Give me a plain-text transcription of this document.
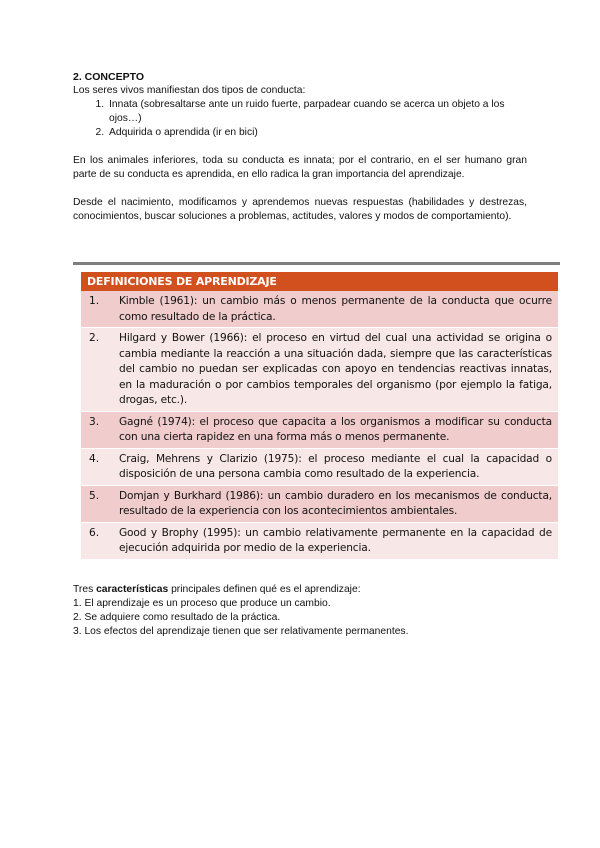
2. CONCEPTO

Los seres vivos manifiestan dos tipos de conducta:

1. Innata (sobresaltarse ante un ruido fuerte, parpadear cuando se acerca un objeto a los ojos…)
2. Adquirida o aprendida (ir en bici)

En los animales inferiores, toda su conducta es innata; por el contrario, en el ser humano gran parte de su conducta es aprendida, en ello radica la gran importancia del aprendizaje.

Desde el nacimiento, modificamos y aprendemos nuevas respuestas (habilidades y destrezas, conocimientos, buscar soluciones a problemas, actitudes, valores y modos de comportamiento).

DEFINICIONES DE APRENDIZAJE
1.	Kimble (1961): un cambio más o menos permanente de la conducta que ocurre como resultado de la práctica.
2.	Hilgard y Bower (1966): el proceso en virtud del cual una actividad se origina o cambia mediante la reacción a una situación dada, siempre que las características del cambio no puedan ser explicadas con apoyo en tendencias reactivas innatas, en la maduración o por cambios temporales del organismo (por ejemplo la fatiga, drogas, etc.).
3.	Gagné (1974): el proceso que capacita a los organismos a modificar su conducta con una cierta rapidez en una forma más o menos permanente.
4.	Craig, Mehrens y Clarizio (1975): el proceso mediante el cual la capacidad o disposición de una persona cambia como resultado de la experiencia.
5.	Domjan y Burkhard (1986): un cambio duradero en los mecanismos de conducta, resultado de la experiencia con los acontecimientos ambientales.
6.	Good y Brophy (1995): un cambio relativamente permanente en la capacidad de ejecución adquirida por medio de la experiencia.

Tres características principales definen qué es el aprendizaje:

1. El aprendizaje es un proceso que produce un cambio.

2. Se adquiere como resultado de la práctica.

3. Los efectos del aprendizaje tienen que ser relativamente permanentes.
